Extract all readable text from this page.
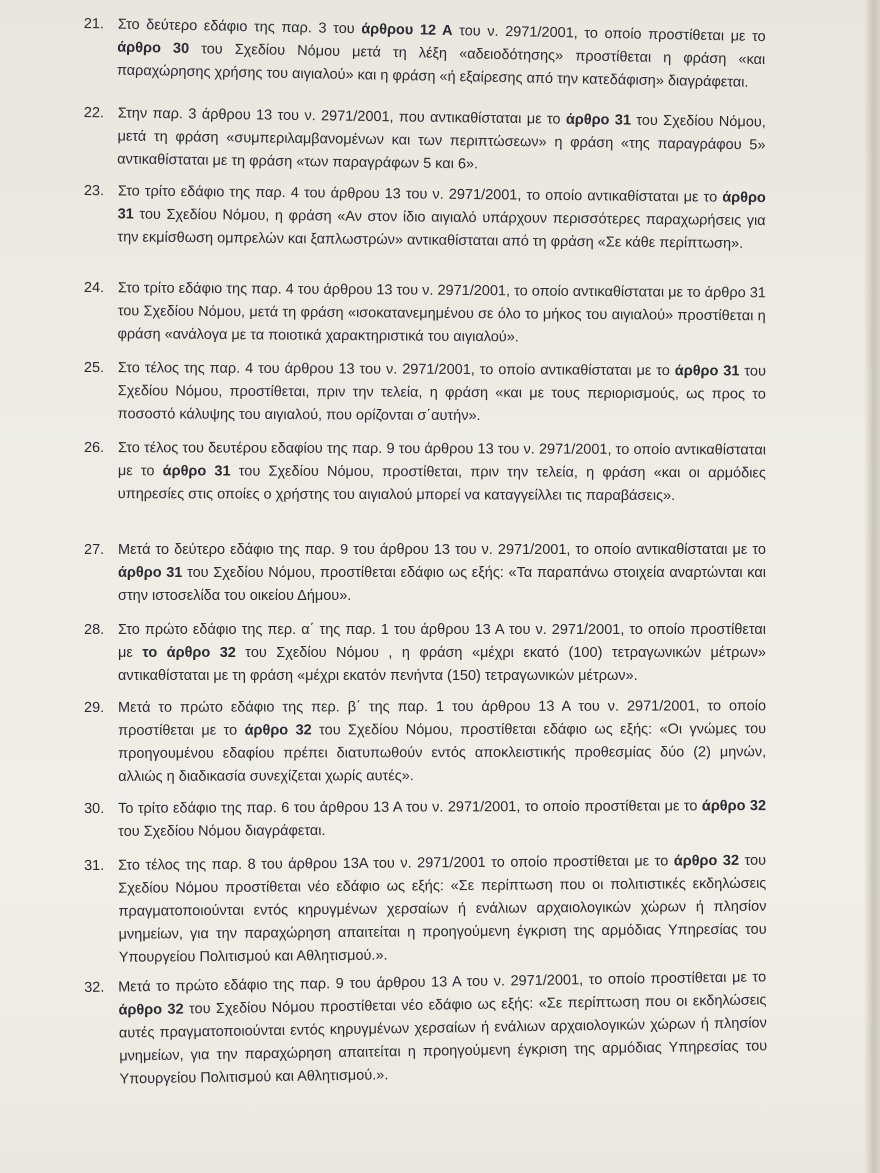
21. Στο δεύτερο εδάφιο της παρ. 3 του άρθρου 12 Α του ν. 2971/2001, το οποίο προστίθεται με το άρθρο 30 του Σχεδίου Νόμου μετά τη λέξη «αδειοδότησης» προστίθεται η φράση «και παραχώρησης χρήσης του αιγιαλού» και η φράση «ή εξαίρεσης από την κατεδάφιση» διαγράφεται.
22. Στην παρ. 3 άρθρου 13 του ν. 2971/2001, που αντικαθίσταται με το άρθρο 31 του Σχεδίου Νόμου, μετά τη φράση «συμπεριλαμβανομένων και των περιπτώσεων» η φράση «της παραγράφου 5» αντικαθίσταται με τη φράση «των παραγράφων 5 και 6».
23. Στο τρίτο εδάφιο της παρ. 4 του άρθρου 13 του ν. 2971/2001, το οποίο αντικαθίσταται με το άρθρο 31 του Σχεδίου Νόμου, η φράση «Αν στον ίδιο αιγιαλό υπάρχουν περισσότερες παραχωρήσεις για την εκμίσθωση ομπρελών και ξαπλωστρών» αντικαθίσταται από τη φράση «Σε κάθε περίπτωση».
24. Στο τρίτο εδάφιο της παρ. 4 του άρθρου 13 του ν. 2971/2001, το οποίο αντικαθίσταται με το άρθρο 31 του Σχεδίου Νόμου, μετά τη φράση «ισοκατανεμημένου σε όλο το μήκος του αιγιαλού» προστίθεται η φράση «ανάλογα με τα ποιοτικά χαρακτηριστικά του αιγιαλού».
25. Στο τέλος της παρ. 4 του άρθρου 13 του ν. 2971/2001, το οποίο αντικαθίσταται με το άρθρο 31 του Σχεδίου Νόμου, προστίθεται, πριν την τελεία, η φράση «και με τους περιορισμούς, ως προς το ποσοστό κάλυψης του αιγιαλού, που ορίζονται σ΄αυτήν».
26. Στο τέλος του δευτέρου εδαφίου της παρ. 9 του άρθρου 13 του ν. 2971/2001, το οποίο αντικαθίσταται με το άρθρο 31 του Σχεδίου Νόμου, προστίθεται, πριν την τελεία, η φράση «και οι αρμόδιες υπηρεσίες στις οποίες ο χρήστης του αιγιαλού μπορεί να καταγγείλλει τις παραβάσεις».
27. Μετά το δεύτερο εδάφιο της παρ. 9 του άρθρου 13 του ν. 2971/2001, το οποίο αντικαθίσταται με το άρθρο 31 του Σχεδίου Νόμου, προστίθεται εδάφιο ως εξής: «Τα παραπάνω στοιχεία αναρτώνται και στην ιστοσελίδα του οικείου Δήμου».
28. Στο πρώτο εδάφιο της περ. α΄ της παρ. 1 του άρθρου 13 Α του ν. 2971/2001, το οποίο προστίθεται με το άρθρο 32 του Σχεδίου Νόμου , η φράση «μέχρι εκατό (100) τετραγωνικών μέτρων» αντικαθίσταται με τη φράση «μέχρι εκατόν πενήντα (150) τετραγωνικών μέτρων».
29. Μετά το πρώτο εδάφιο της περ. β΄ της παρ. 1 του άρθρου 13 Α του ν. 2971/2001, το οποίο προστίθεται με το άρθρο 32 του Σχεδίου Νόμου, προστίθεται εδάφιο ως εξής: «Οι γνώμες του προηγουμένου εδαφίου πρέπει διατυπωθούν εντός αποκλειστικής προθεσμίας δύο (2) μηνών, αλλιώς η διαδικασία συνεχίζεται χωρίς αυτές».
30. Το τρίτο εδάφιο της παρ. 6 του άρθρου 13 Α του ν. 2971/2001, το οποίο προστίθεται με το άρθρο 32 του Σχεδίου Νόμου διαγράφεται.
31. Στο τέλος της παρ. 8 του άρθρου 13Α του ν. 2971/2001 το οποίο προστίθεται με το άρθρο 32 του Σχεδίου Νόμου προστίθεται νέο εδάφιο ως εξής: «Σε περίπτωση που οι πολιτιστικές εκδηλώσεις πραγματοποιούνται εντός κηρυγμένων χερσαίων ή ενάλιων αρχαιολογικών χώρων ή πλησίον μνημείων, για την παραχώρηση απαιτείται η προηγούμενη έγκριση της αρμόδιας Υπηρεσίας του Υπουργείου Πολιτισμού και Αθλητισμού.».
32. Μετά το πρώτο εδάφιο της παρ. 9 του άρθρου 13 Α του ν. 2971/2001, το οποίο προστίθεται με το άρθρο 32 του Σχεδίου Νόμου προστίθεται νέο εδάφιο ως εξής: «Σε περίπτωση που οι εκδηλώσεις αυτές πραγματοποιούνται εντός κηρυγμένων χερσαίων ή ενάλιων αρχαιολογικών χώρων ή πλησίον μνημείων, για την παραχώρηση απαιτείται η προηγούμενη έγκριση της αρμόδιας Υπηρεσίας του Υπουργείου Πολιτισμού και Αθλητισμού.».
